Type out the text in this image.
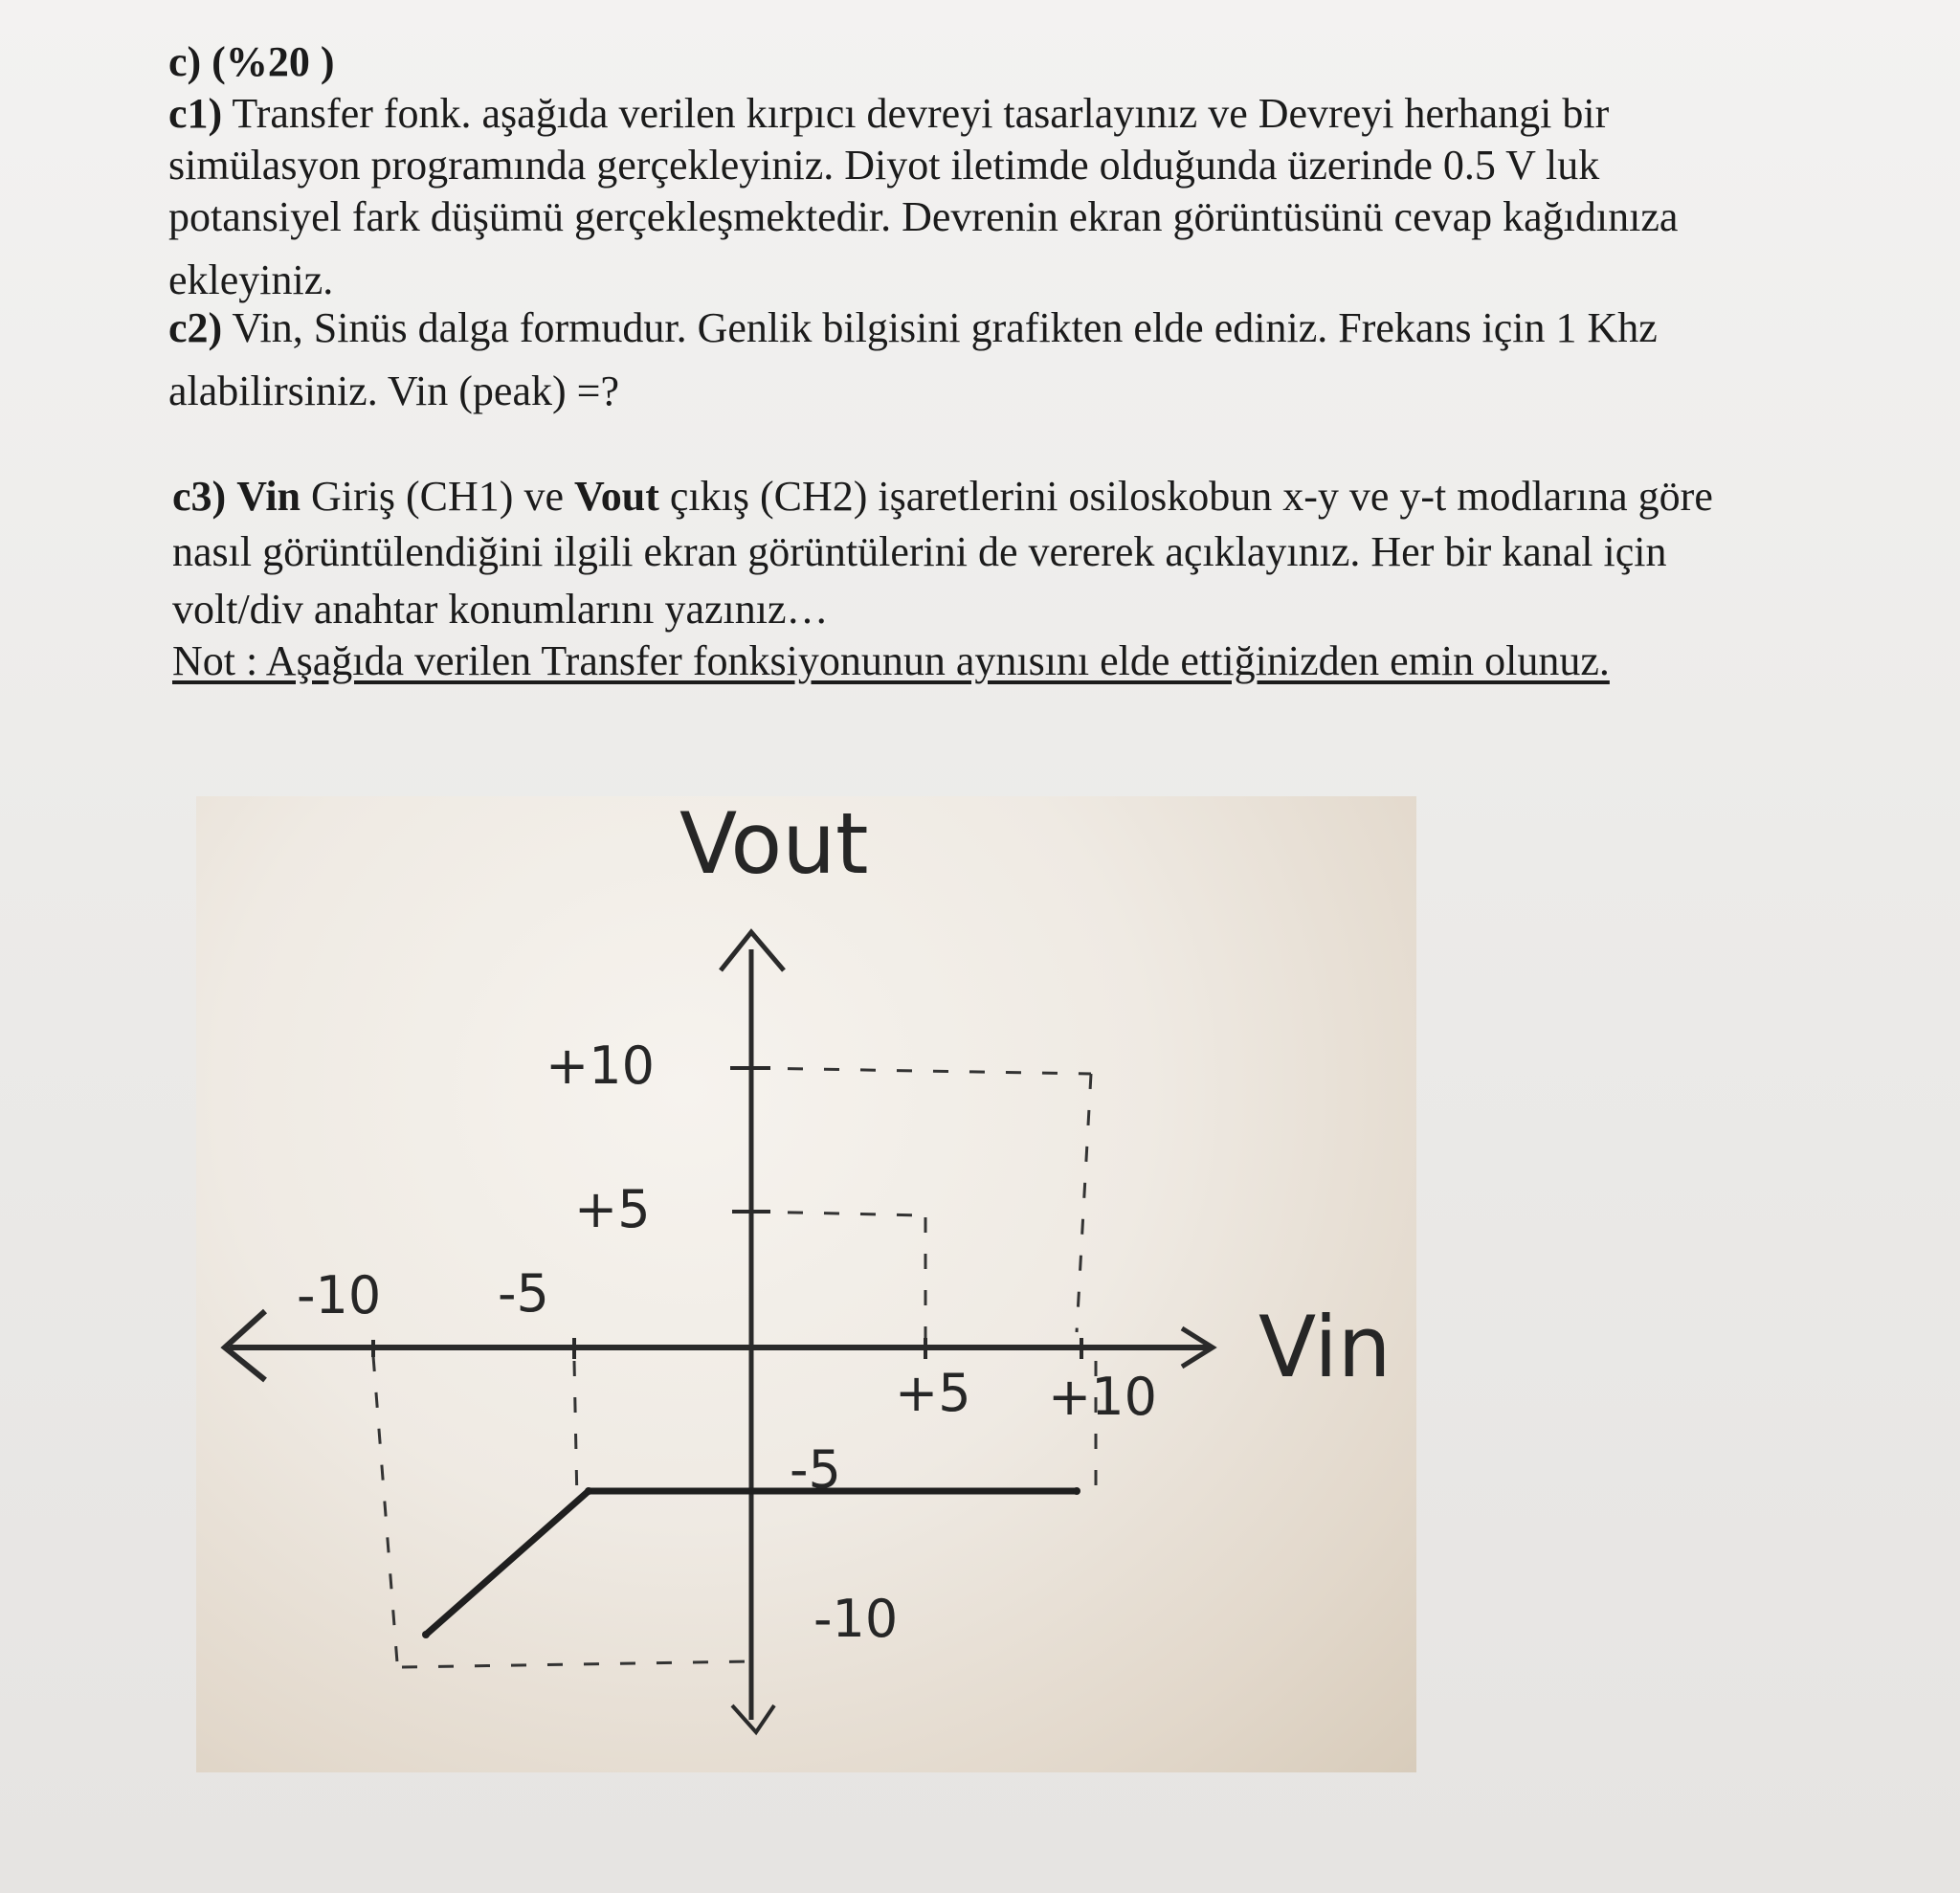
c) (%20 )
c1) Transfer fonk. aşağıda verilen kırpıcı devreyi tasarlayınız ve Devreyi herhangi bir
simülasyon programında gerçekleyiniz. Diyot iletimde olduğunda üzerinde 0.5 V luk
potansiyel fark düşümü gerçekleşmektedir. Devrenin ekran görüntüsünü cevap kağıdınıza
ekleyiniz.
c2) Vin, Sinüs dalga formudur. Genlik bilgisini grafikten elde ediniz. Frekans için 1 Khz
alabilirsiniz. Vin (peak) =?
c3) Vin Giriş (CH1) ve Vout çıkış (CH2) işaretlerini osiloskobun x-y ve y-t modlarına göre
nasıl görüntülendiğini ilgili ekran görüntülerini de vererek açıklayınız. Her bir kanal için
volt/div anahtar konumlarını yazınız…
Not : Aşağıda verilen Transfer fonksiyonunun aynısını elde ettiğinizden emin olunuz.
Vout
Vin
+10
+5
-5
-10
-10 -5
+5 +10
